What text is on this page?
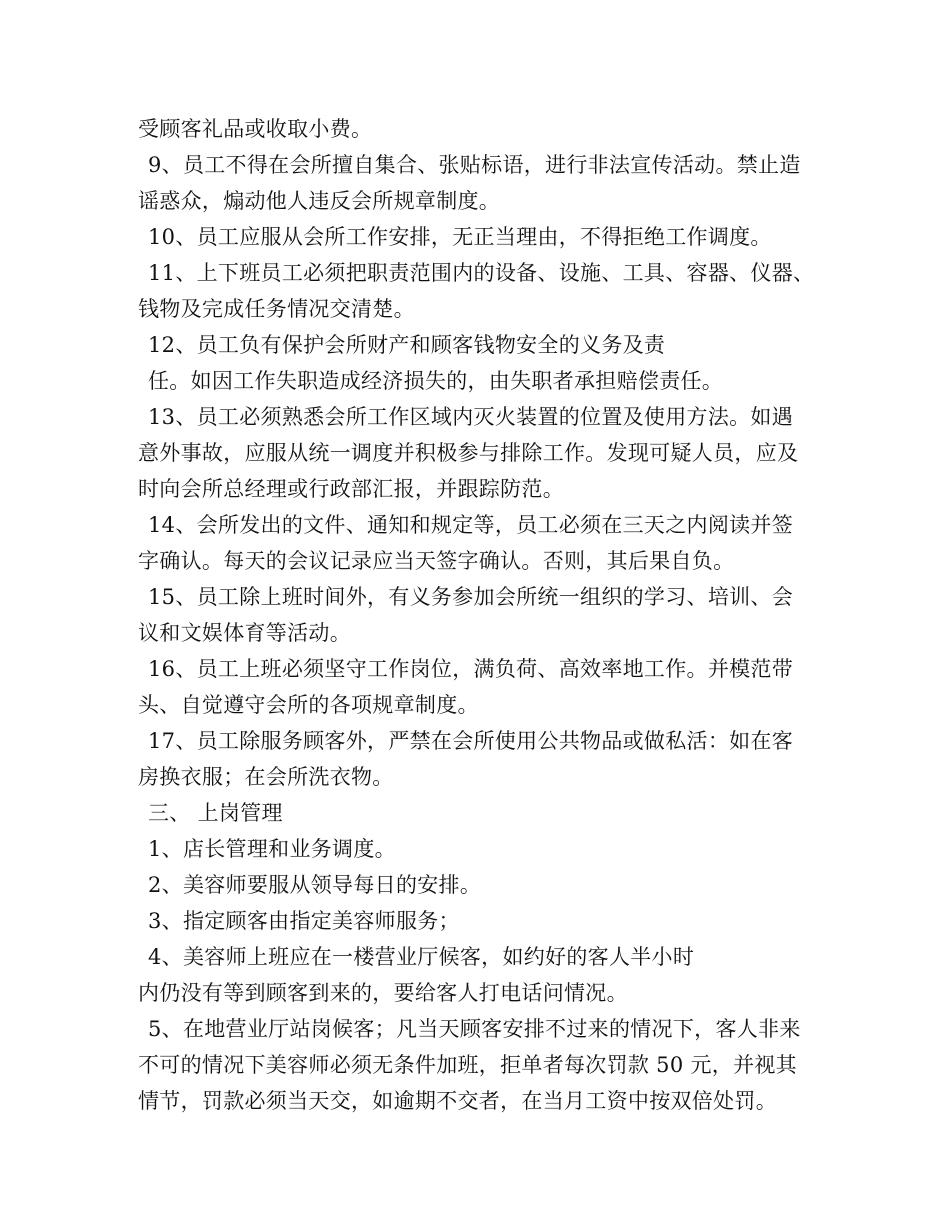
受顾客礼品或收取小费。
9、员工不得在会所擅自集合、张贴标语，进行非法宣传活动。禁止造
谣惑众，煽动他人违反会所规章制度。
10、员工应服从会所工作安排，无正当理由，不得拒绝工作调度。
11、上下班员工必须把职责范围内的设备、设施、工具、容器、仪器、
钱物及完成任务情况交清楚。
12、员工负有保护会所财产和顾客钱物安全的义务及责
任。如因工作失职造成经济损失的，由失职者承担赔偿责任。
13、员工必须熟悉会所工作区域内灭火装置的位置及使用方法。如遇
意外事故，应服从统一调度并积极参与排除工作。发现可疑人员，应及
时向会所总经理或行政部汇报，并跟踪防范。
14、会所发出的文件、通知和规定等，员工必须在三天之内阅读并签
字确认。每天的会议记录应当天签字确认。否则，其后果自负。
15、员工除上班时间外，有义务参加会所统一组织的学习、培训、会
议和文娱体育等活动。
16、员工上班必须坚守工作岗位，满负荷、高效率地工作。并模范带
头、自觉遵守会所的各项规章制度。
17、员工除服务顾客外，严禁在会所使用公共物品或做私活：如在客
房换衣服；在会所洗衣物。
三、 上岗管理
1、店长管理和业务调度。
2、美容师要服从领导每日的安排。
3、指定顾客由指定美容师服务；
4、美容师上班应在一楼营业厅候客，如约好的客人半小时
内仍没有等到顾客到来的，要给客人打电话问情况。
5、在地营业厅站岗候客；凡当天顾客安排不过来的情况下，客人非来
不可的情况下美容师必须无条件加班，拒单者每次罚款 50 元，并视其
情节，罚款必须当天交，如逾期不交者，在当月工资中按双倍处罚。
